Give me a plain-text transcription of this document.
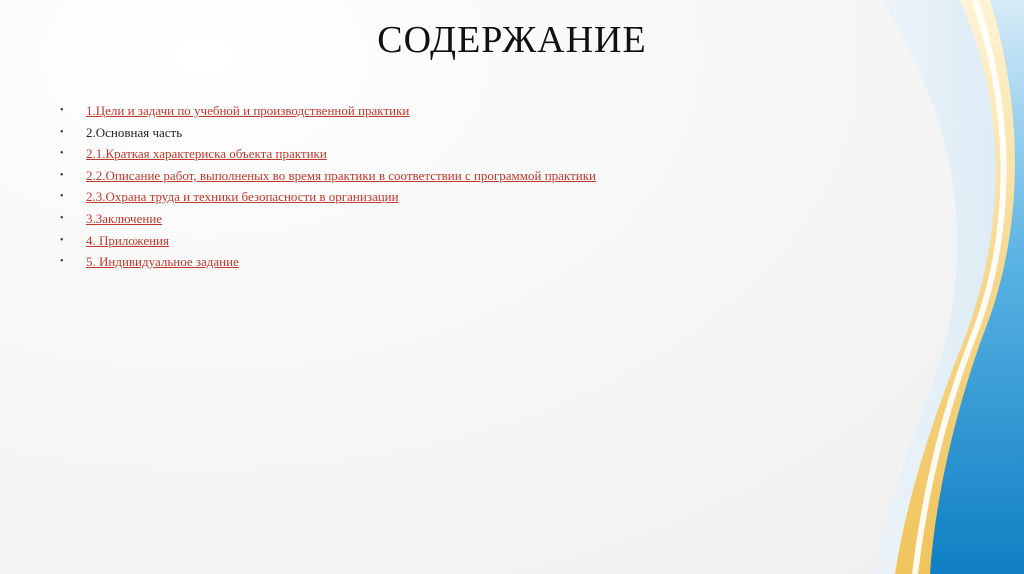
СОДЕРЖАНИЕ
• 1.Цели и задачи по учебной и производственной практики
• 2.Основная часть
• 2.1.Краткая характериска объекта практики
• 2.2.Описание работ, выполненых во время практики в соответствии с программой практики
• 2.3.Охрана труда и техники безопасности в организации
• 3.Заключение
• 4. Приложения
• 5. Индивидуальное задание
